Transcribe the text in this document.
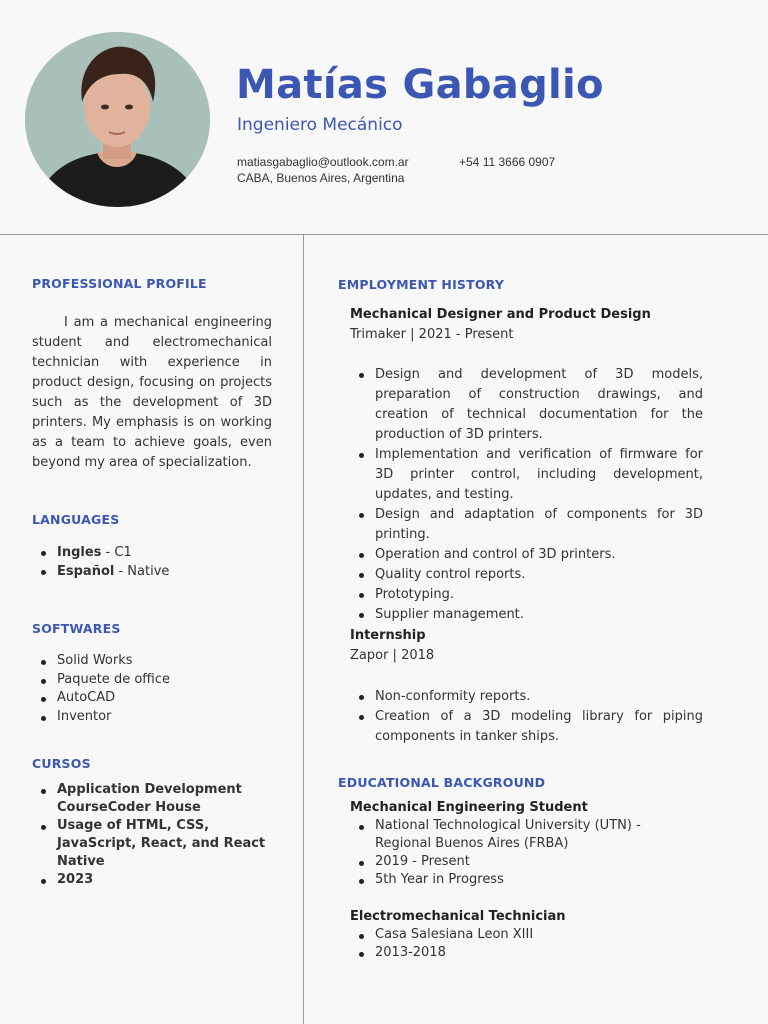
Matías Gabaglio
Ingeniero Mecánico
matiasgabaglio@outlook.com.ar	+54 11 3666 0907
CABA, Buenos Aires, Argentina
PROFESSIONAL PROFILE

I am a mechanical engineering student and electromechanical technician with experience in product design, focusing on projects such as the development of 3D printers. My emphasis is on working as a team to achieve goals, even beyond my area of specialization.

LANGUAGES
Ingles - C1
Español - Native
SOFTWARES
Solid Works
Paquete de office
AutoCAD
Inventor
CURSOS
Application Development CourseCoder House
Usage of HTML, CSS, JavaScript, React, and React Native
2023
EMPLOYMENT HISTORY
Mechanical Designer and Product Design
Trimaker | 2021 - Present
Design and development of 3D models, preparation of construction drawings, and creation of technical documentation for the production of 3D printers.
Implementation and verification of firmware for 3D printer control, including development, updates, and testing.
Design and adaptation of components for 3D printing.
Operation and control of 3D printers.
Quality control reports.
Prototyping.
Supplier management.
Internship
Zapor | 2018
Non-conformity reports.
Creation of a 3D modeling library for piping components in tanker ships.
EDUCATIONAL BACKGROUND
Mechanical Engineering Student
National Technological University (UTN) - Regional Buenos Aires (FRBA)
2019 - Present
5th Year in Progress
Electromechanical Technician
Casa Salesiana Leon XIII
2013-2018
